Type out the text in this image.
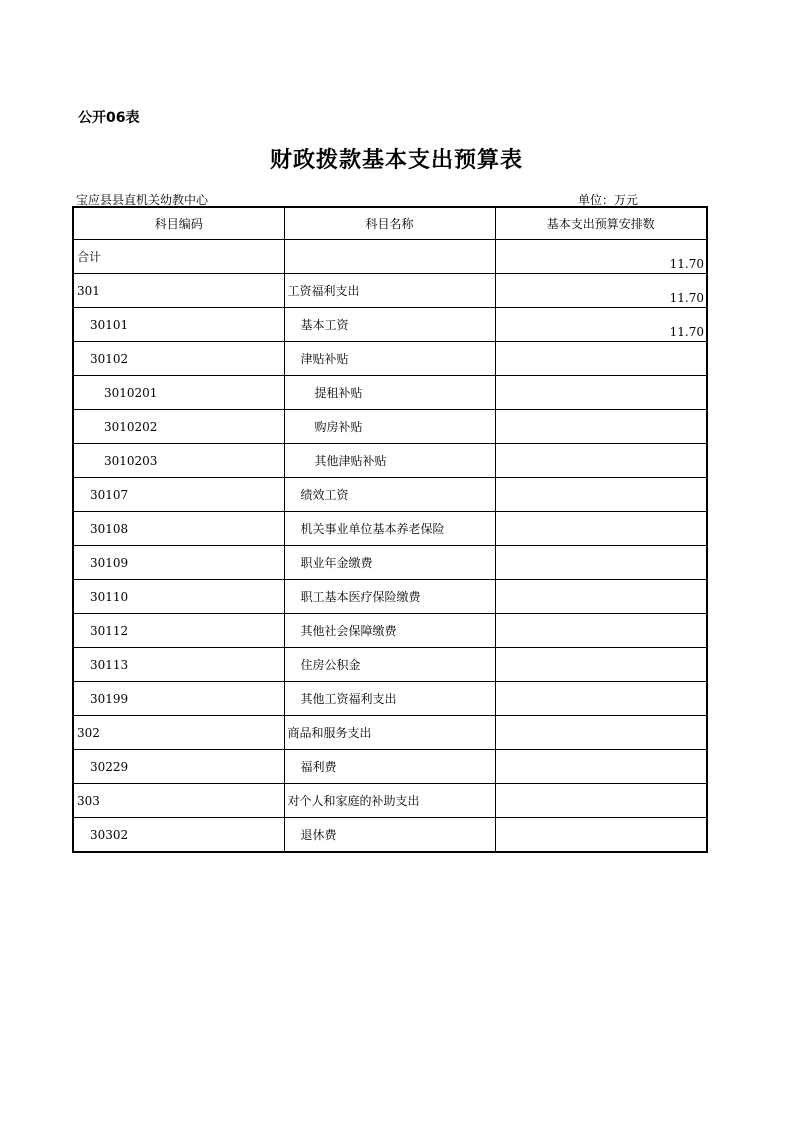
公开06表
财政拨款基本支出预算表
宝应县县直机关幼教中心	单位：万元
科目编码	科目名称	基本支出预算安排数
合计		11.70
301	工资福利支出	11.70
30101	基本工资	11.70
30102	津贴补贴	
3010201	提租补贴	
3010202	购房补贴	
3010203	其他津贴补贴	
30107	绩效工资	
30108	机关事业单位基本养老保险	
30109	职业年金缴费	
30110	职工基本医疗保险缴费	
30112	其他社会保障缴费	
30113	住房公积金	
30199	其他工资福利支出	
302	商品和服务支出	
30229	福利费	
303	对个人和家庭的补助支出	
30302	退休费	
